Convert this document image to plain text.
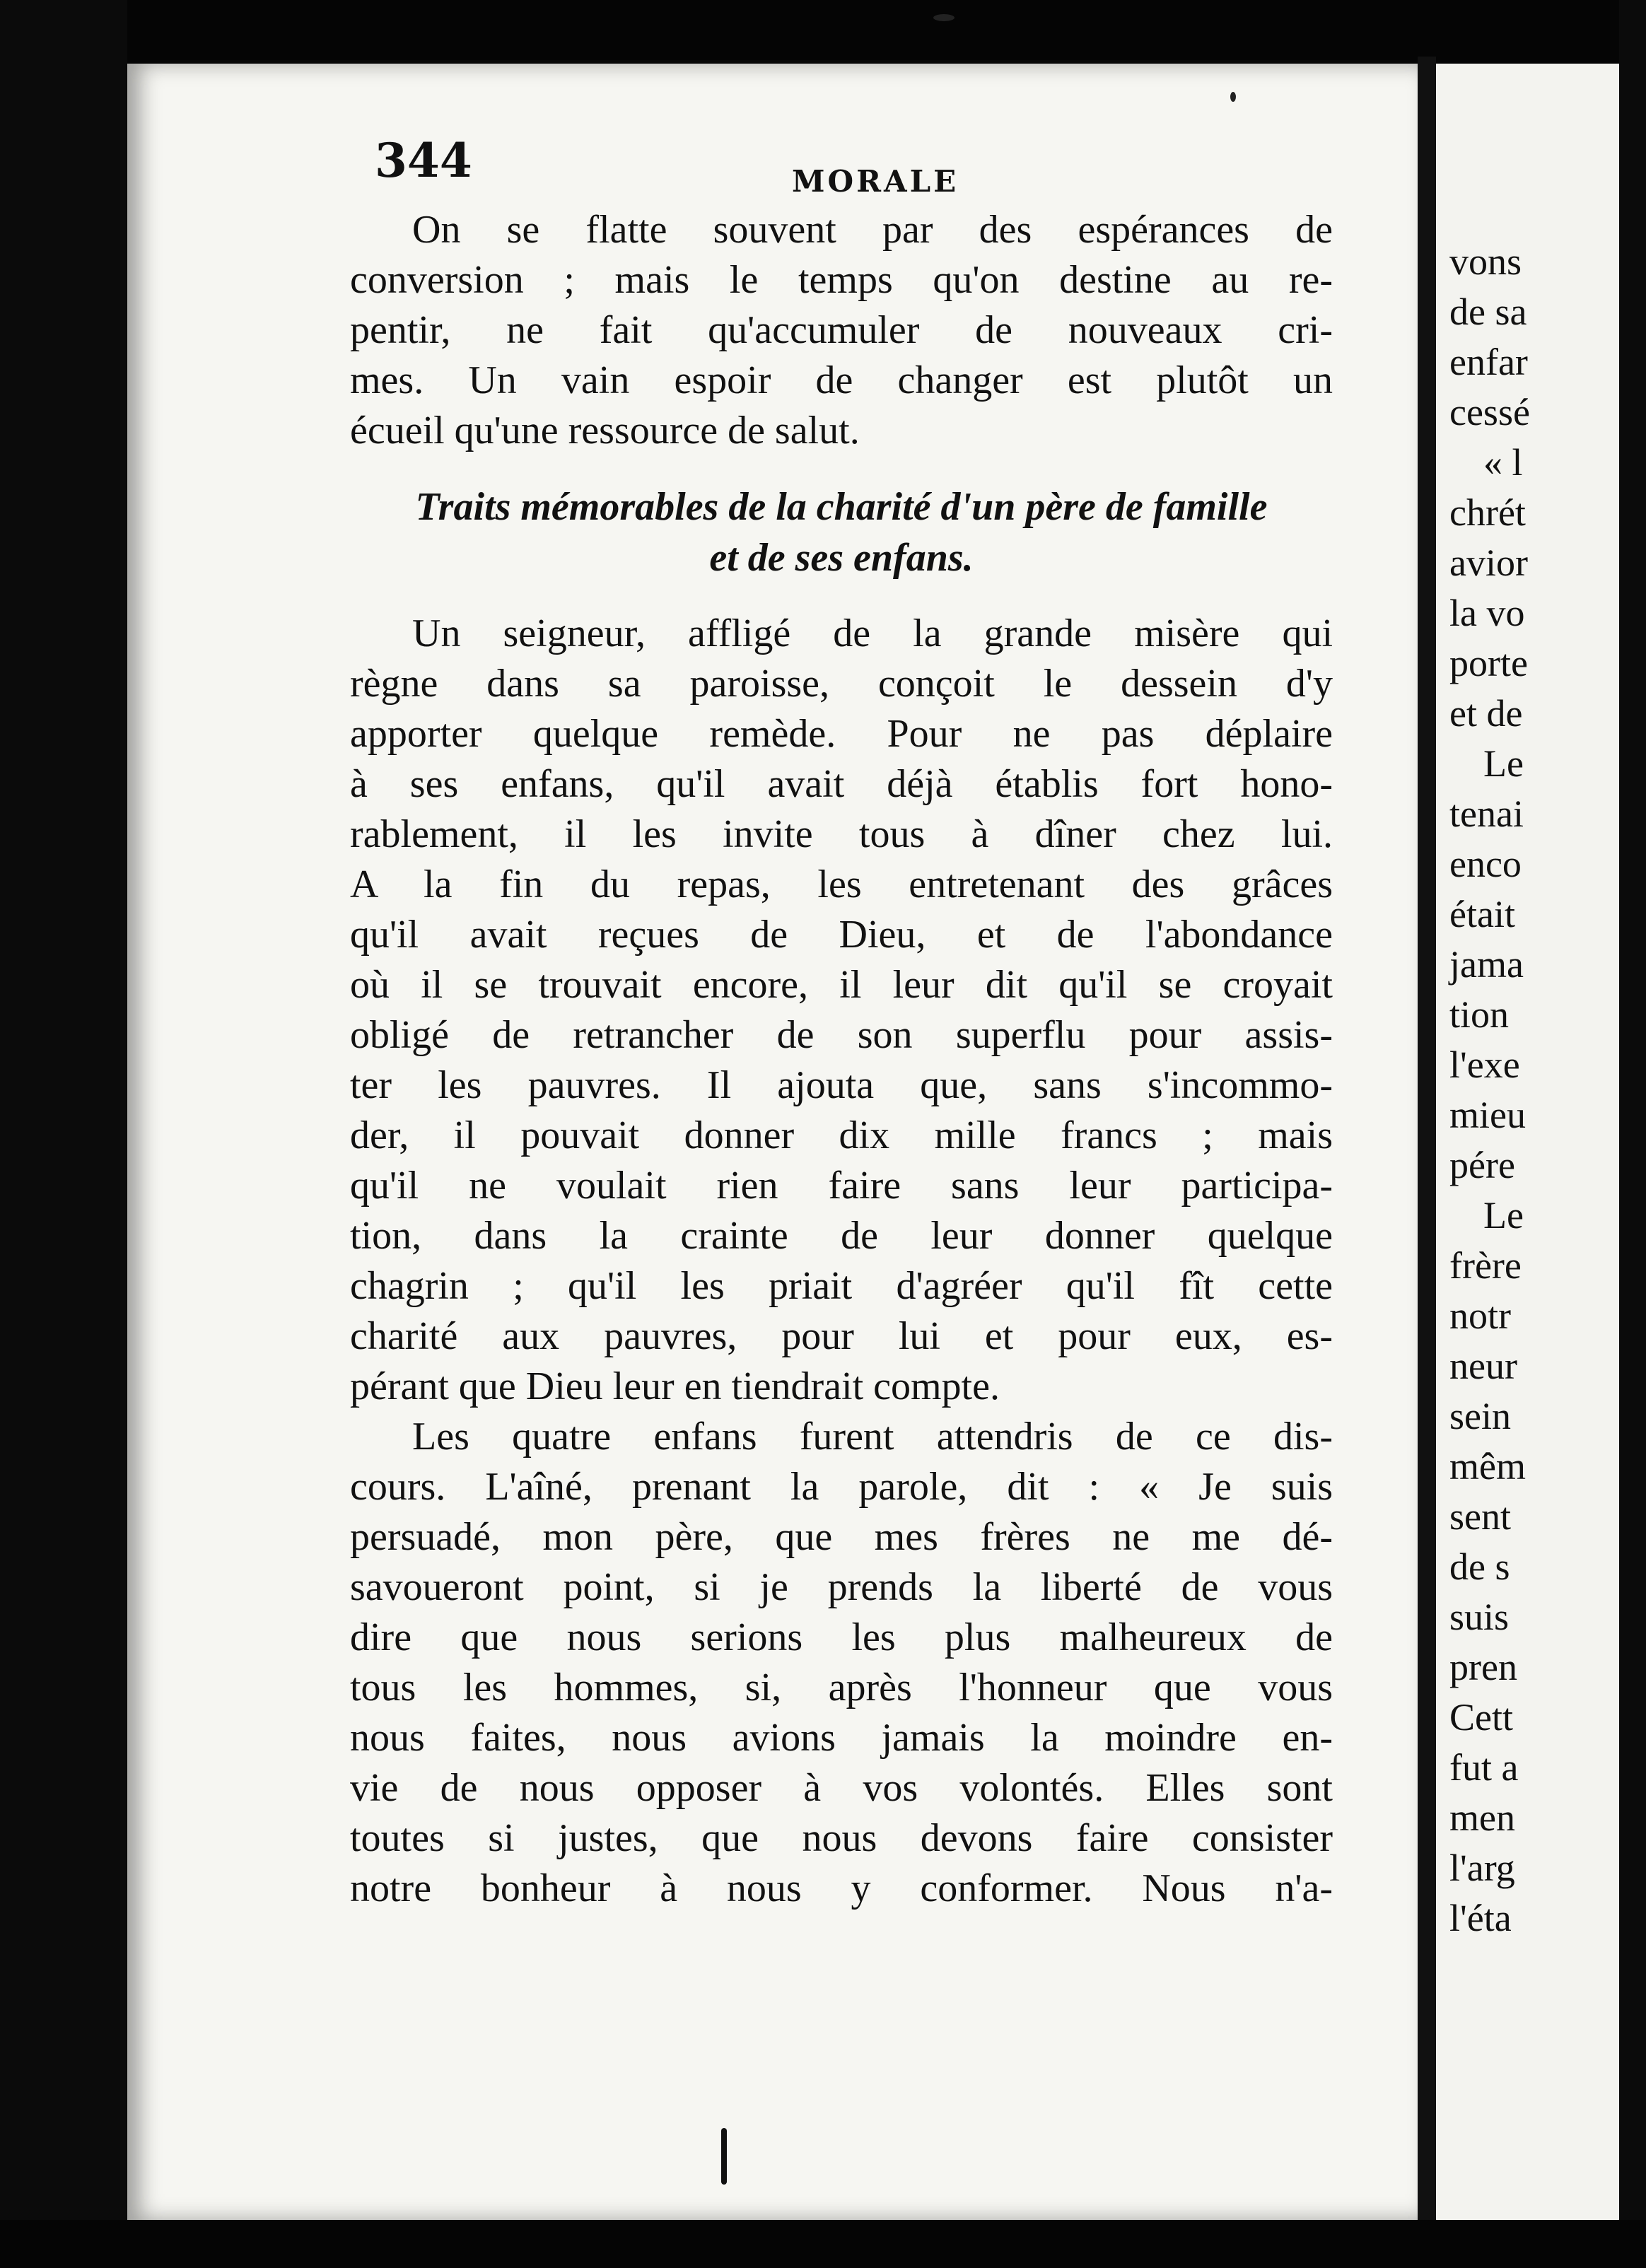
344	MORALE
On se flatte souvent par des espérances de
conversion ; mais le temps qu'on destine au re-
pentir, ne fait qu'accumuler de nouveaux cri-
mes. Un vain espoir de changer est plutôt un
écueil qu'une ressource de salut.
Traits mémorables de la charité d'un père de famille
et de ses enfans.
Un seigneur, affligé de la grande misère qui
règne dans sa paroisse, conçoit le dessein d'y
apporter quelque remède. Pour ne pas déplaire
à ses enfans, qu'il avait déjà établis fort hono-
rablement, il les invite tous à dîner chez lui.
A la fin du repas, les entretenant des grâces
qu'il avait reçues de Dieu, et de l'abondance
où il se trouvait encore, il leur dit qu'il se croyait
obligé de retrancher de son superflu pour assis-
ter les pauvres. Il ajouta que, sans s'incommo-
der, il pouvait donner dix mille francs ; mais
qu'il ne voulait rien faire sans leur participa-
tion, dans la crainte de leur donner quelque
chagrin ; qu'il les priait d'agréer qu'il fît cette
charité aux pauvres, pour lui et pour eux, es-
pérant que Dieu leur en tiendrait compte.
Les quatre enfans furent attendris de ce dis-
cours. L'aîné, prenant la parole, dit : « Je suis
persuadé, mon père, que mes frères ne me dé-
savoueront point, si je prends la liberté de vous
dire que nous serions les plus malheureux de
tous les hommes, si, après l'honneur que vous
nous faites, nous avions jamais la moindre en-
vie de nous opposer à vos volontés. Elles sont
toutes si justes, que nous devons faire consister
notre bonheur à nous y conformer. Nous n'a-
vons
de sa
enfar
cessé
« l
chrét
avior
la vo
porte
et de
Le
tenai
enco
était
jama
tion
l'exe
mieu
pére
Le
frère
notr
neur
sein
mêm
sent
de s
suis
pren
Cett
fut a
men
l'arg
l'éta
